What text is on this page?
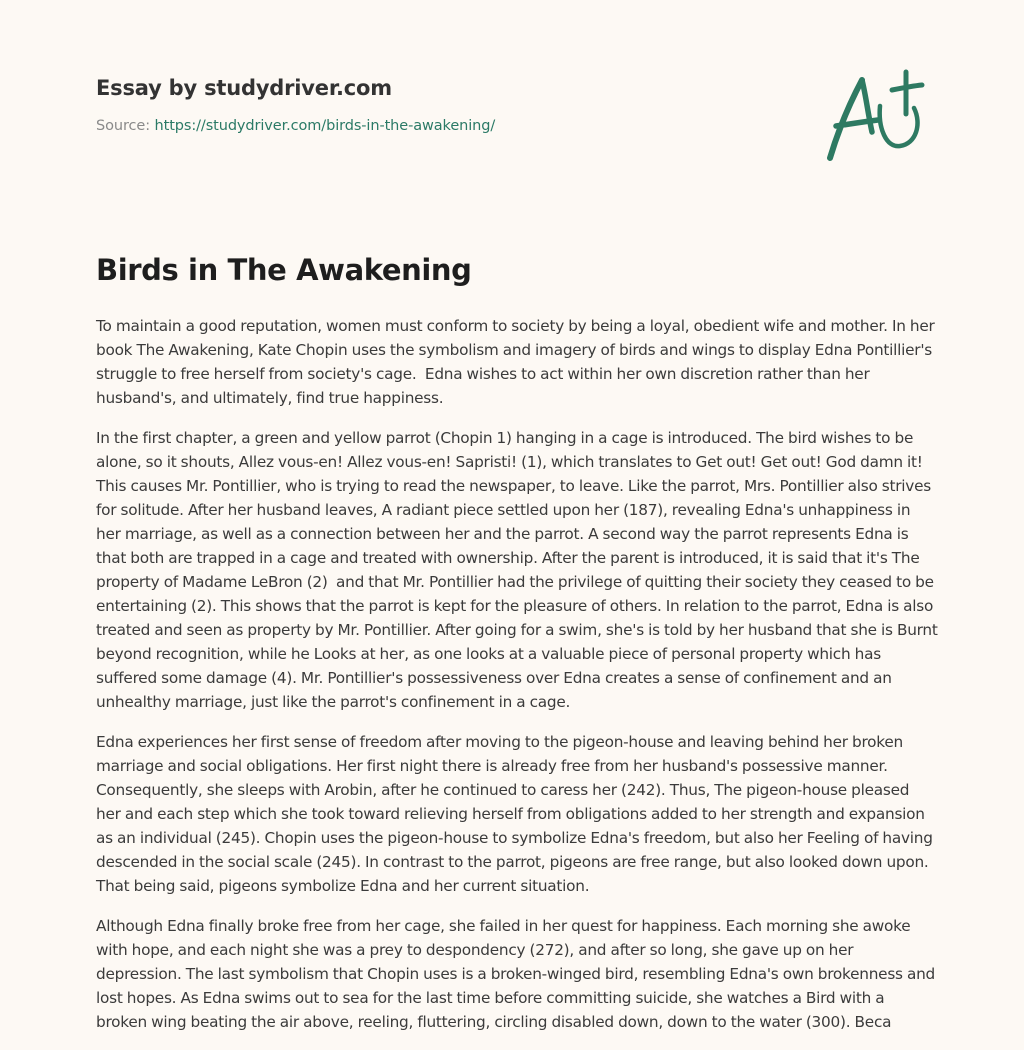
Essay by studydriver.com
Source: https://studydriver.com/birds-in-the-awakening/
Birds in The Awakening

To maintain a good reputation, women must conform to society by being a loyal, obedient wife and mother. In her book The Awakening, Kate Chopin uses the symbolism and imagery of birds and wings to display Edna Pontillier's struggle to free herself from society's cage.  Edna wishes to act within her own discretion rather than her husband's, and ultimately, find true happiness.

In the first chapter, a green and yellow parrot (Chopin 1) hanging in a cage is introduced. The bird wishes to be alone, so it shouts, Allez vous-en! Allez vous-en! Sapristi! (1), which translates to Get out! Get out! God damn it! This causes Mr. Pontillier, who is trying to read the newspaper, to leave. Like the parrot, Mrs. Pontillier also strives for solitude. After her husband leaves, A radiant piece settled upon her (187), revealing Edna's unhappiness in her marriage, as well as a connection between her and the parrot. A second way the parrot represents Edna is that both are trapped in a cage and treated with ownership. After the parent is introduced, it is said that it's The property of Madame LeBron (2)  and that Mr. Pontillier had the privilege of quitting their society they ceased to be entertaining (2). This shows that the parrot is kept for the pleasure of others. In relation to the parrot, Edna is also treated and seen as property by Mr. Pontillier. After going for a swim, she's is told by her husband that she is Burnt beyond recognition, while he Looks at her, as one looks at a valuable piece of personal property which has suffered some damage (4). Mr. Pontillier's possessiveness over Edna creates a sense of confinement and an unhealthy marriage, just like the parrot's confinement in a cage.

Edna experiences her first sense of freedom after moving to the pigeon-house and leaving behind her broken marriage and social obligations. Her first night there is already free from her husband's possessive manner. Consequently, she sleeps with Arobin, after he continued to caress her (242). Thus, The pigeon-house pleased her and each step which she took toward relieving herself from obligations added to her strength and expansion as an individual (245). Chopin uses the pigeon-house to symbolize Edna's freedom, but also her Feeling of having descended in the social scale (245). In contrast to the parrot, pigeons are free range, but also looked down upon. That being said, pigeons symbolize Edna and her current situation.

Although Edna finally broke free from her cage, she failed in her quest for happiness. Each morning she awoke with hope, and each night she was a prey to despondency (272), and after so long, she gave up on her depression. The last symbolism that Chopin uses is a broken-winged bird, resembling Edna's own brokenness and lost hopes. As Edna swims out to sea for the last time before committing suicide, she watches a Bird with a broken wing beating the air above, reeling, fluttering, circling disabled down, down to the water (300). Beca
